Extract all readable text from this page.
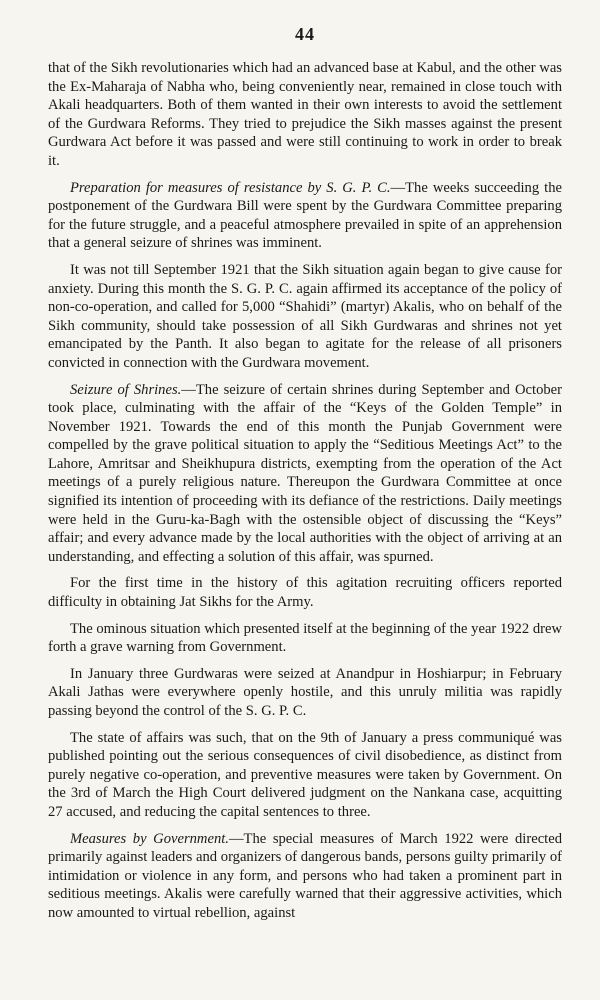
44

that of the Sikh revolutionaries which had an advanced base at Kabul, and the other was the Ex-Maharaja of Nabha who, being conveniently near, remained in close touch with Akali headquarters. Both of them wanted in their own interests to avoid the settlement of the Gurdwara Reforms. They tried to prejudice the Sikh masses against the present Gurdwara Act before it was passed and were still continuing to work in order to break it.

Preparation for measures of resistance by S. G. P. C.—The weeks succeeding the postponement of the Gurdwara Bill were spent by the Gurdwara Committee preparing for the future struggle, and a peaceful atmosphere prevailed in spite of an apprehension that a general seizure of shrines was imminent.

It was not till September 1921 that the Sikh situation again began to give cause for anxiety. During this month the S. G. P. C. again affirmed its acceptance of the policy of non-co-operation, and called for 5,000 “Shahidi” (martyr) Akalis, who on behalf of the Sikh community, should take possession of all Sikh Gurdwaras and shrines not yet emancipated by the Panth. It also began to agitate for the release of all prisoners convicted in connection with the Gurdwara movement.

Seizure of Shrines.—The seizure of certain shrines during September and October took place, culminating with the affair of the “Keys of the Golden Temple” in November 1921. Towards the end of this month the Punjab Government were compelled by the grave political situation to apply the “Seditious Meetings Act” to the Lahore, Amritsar and Sheikhupura districts, exempting from the operation of the Act meetings of a purely religious nature. Thereupon the Gurdwara Committee at once signified its intention of proceeding with its defiance of the restrictions. Daily meetings were held in the Guru-ka-Bagh with the ostensible object of discussing the “Keys” affair; and every advance made by the local authorities with the object of arriving at an understanding, and effecting a solution of this affair, was spurned.

For the first time in the history of this agitation recruiting officers reported difficulty in obtaining Jat Sikhs for the Army.

The ominous situation which presented itself at the beginning of the year 1922 drew forth a grave warning from Government.

In January three Gurdwaras were seized at Anandpur in Hoshiarpur; in February Akali Jathas were everywhere openly hostile, and this unruly militia was rapidly passing beyond the control of the S. G. P. C.

The state of affairs was such, that on the 9th of January a press communiqué was published pointing out the serious consequences of civil disobedience, as distinct from purely negative co-operation, and preventive measures were taken by Government. On the 3rd of March the High Court delivered judgment on the Nankana case, acquitting 27 accused, and reducing the capital sentences to three.

Measures by Government.—The special measures of March 1922 were directed primarily against leaders and organizers of dangerous bands, persons guilty primarily of intimidation or violence in any form, and persons who had taken a prominent part in seditious meetings. Akalis were carefully warned that their aggressive activities, which now amounted to virtual rebellion, against
